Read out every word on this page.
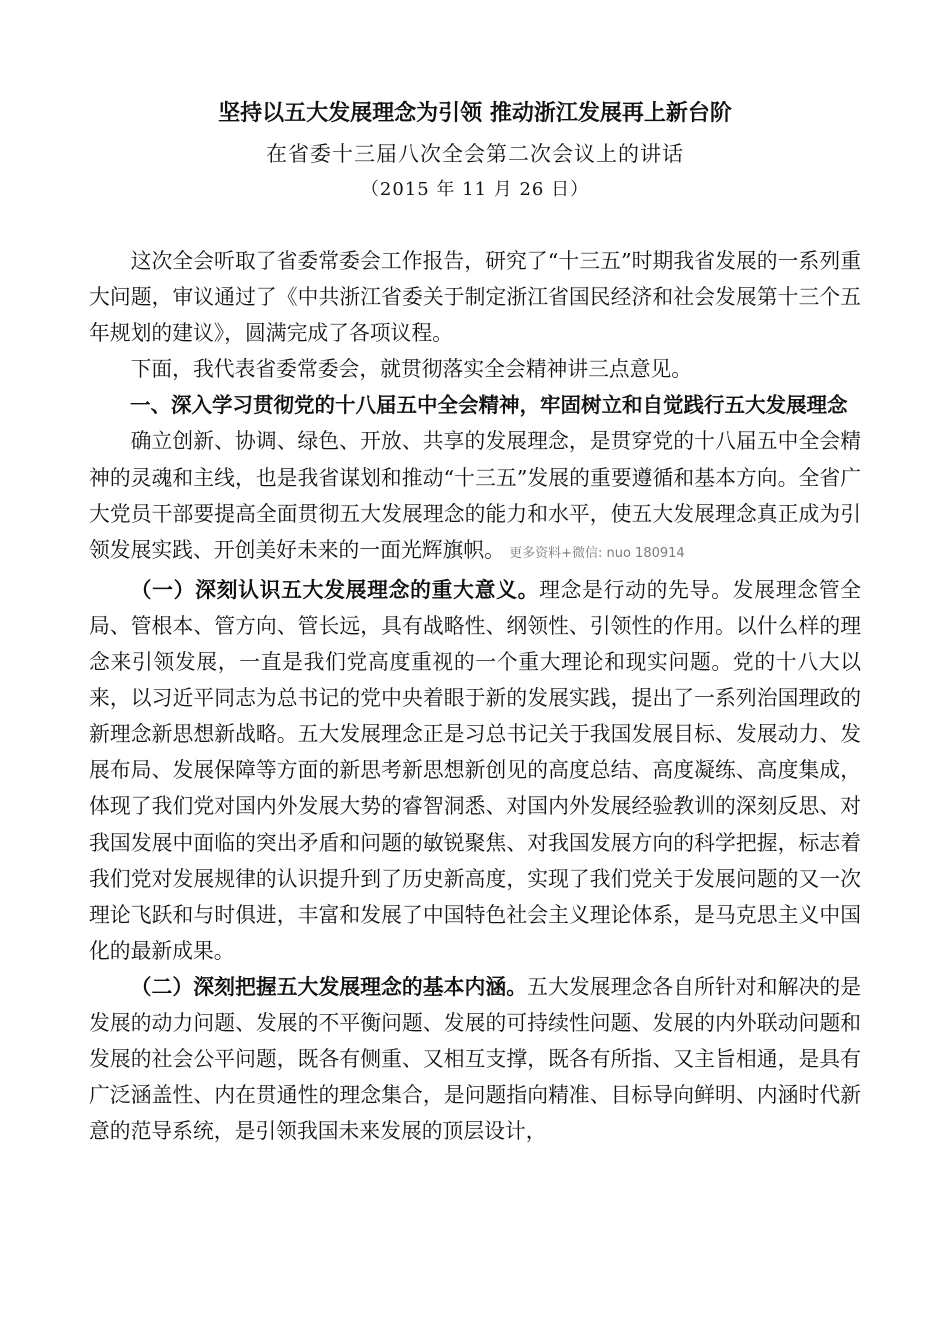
坚持以五大发展理念为引领 推动浙江发展再上新台阶
在省委十三届八次全会第二次会议上的讲话
（2015 年 11 月 26 日）

这次全会听取了省委常委会工作报告，研究了“十三五”时期我省发展的一系列重大问题，审议通过了《中共浙江省委关于制定浙江省国民经济和社会发展第十三个五年规划的建议》，圆满完成了各项议程。

下面，我代表省委常委会，就贯彻落实全会精神讲三点意见。

一、深入学习贯彻党的十八届五中全会精神，牢固树立和自觉践行五大发展理念

确立创新、协调、绿色、开放、共享的发展理念，是贯穿党的十八届五中全会精神的灵魂和主线，也是我省谋划和推动“十三五”发展的重要遵循和基本方向。全省广大党员干部要提高全面贯彻五大发展理念的能力和水平，使五大发展理念真正成为引领发展实践、开创美好未来的一面光辉旗帜。 更多资料+微信: nuo 180914

（一）深刻认识五大发展理念的重大意义。理念是行动的先导。发展理念管全局、管根本、管方向、管长远，具有战略性、纲领性、引领性的作用。以什么样的理念来引领发展，一直是我们党高度重视的一个重大理论和现实问题。党的十八大以来，以习近平同志为总书记的党中央着眼于新的发展实践，提出了一系列治国理政的新理念新思想新战略。五大发展理念正是习总书记关于我国发展目标、发展动力、发展布局、发展保障等方面的新思考新思想新创见的高度总结、高度凝练、高度集成，体现了我们党对国内外发展大势的睿智洞悉、对国内外发展经验教训的深刻反思、对我国发展中面临的突出矛盾和问题的敏锐聚焦、对我国发展方向的科学把握，标志着我们党对发展规律的认识提升到了历史新高度，实现了我们党关于发展问题的又一次理论飞跃和与时俱进，丰富和发展了中国特色社会主义理论体系，是马克思主义中国化的最新成果。

（二）深刻把握五大发展理念的基本内涵。五大发展理念各自所针对和解决的是发展的动力问题、发展的不平衡问题、发展的可持续性问题、发展的内外联动问题和发展的社会公平问题，既各有侧重、又相互支撑，既各有所指、又主旨相通，是具有广泛涵盖性、内在贯通性的理念集合，是问题指向精准、目标导向鲜明、内涵时代新意的范导系统，是引领我国未来发展的顶层设计，
